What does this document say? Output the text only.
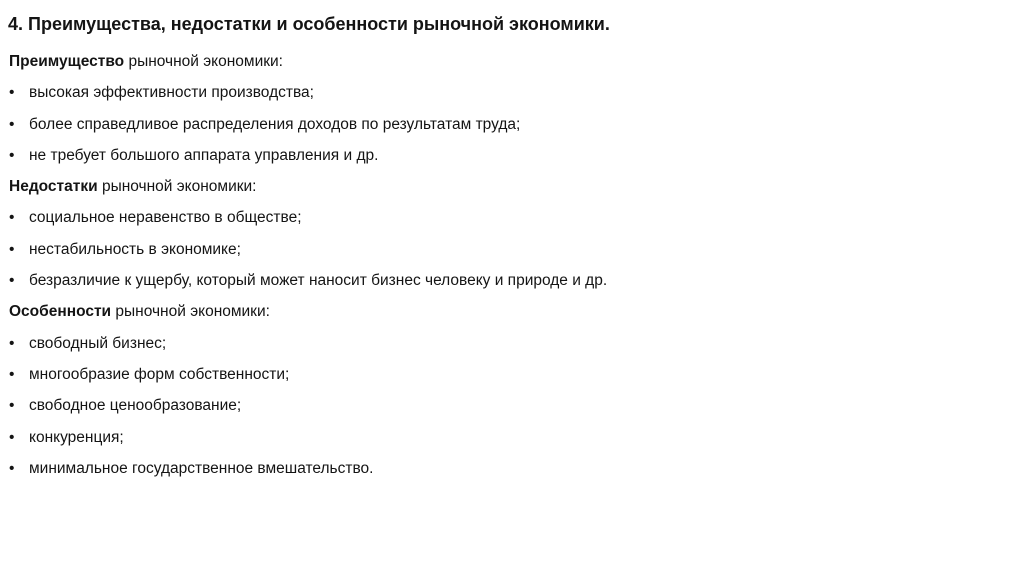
4. Преимущества, недостатки и особенности рыночной экономики.
Преимущество рыночной экономики:
• высокая эффективности производства;
• более справедливое распределения доходов по результатам труда;
• не требует большого аппарата управления и др.
Недостатки рыночной экономики:
• социальное неравенство в обществе;
• нестабильность в экономике;
• безразличие к ущербу, который может наносит бизнес человеку и природе и др.
Особенности рыночной экономики:
• свободный бизнес;
• многообразие форм собственности;
• свободное ценообразование;
• конкуренция;
• минимальное государственное вмешательство.
